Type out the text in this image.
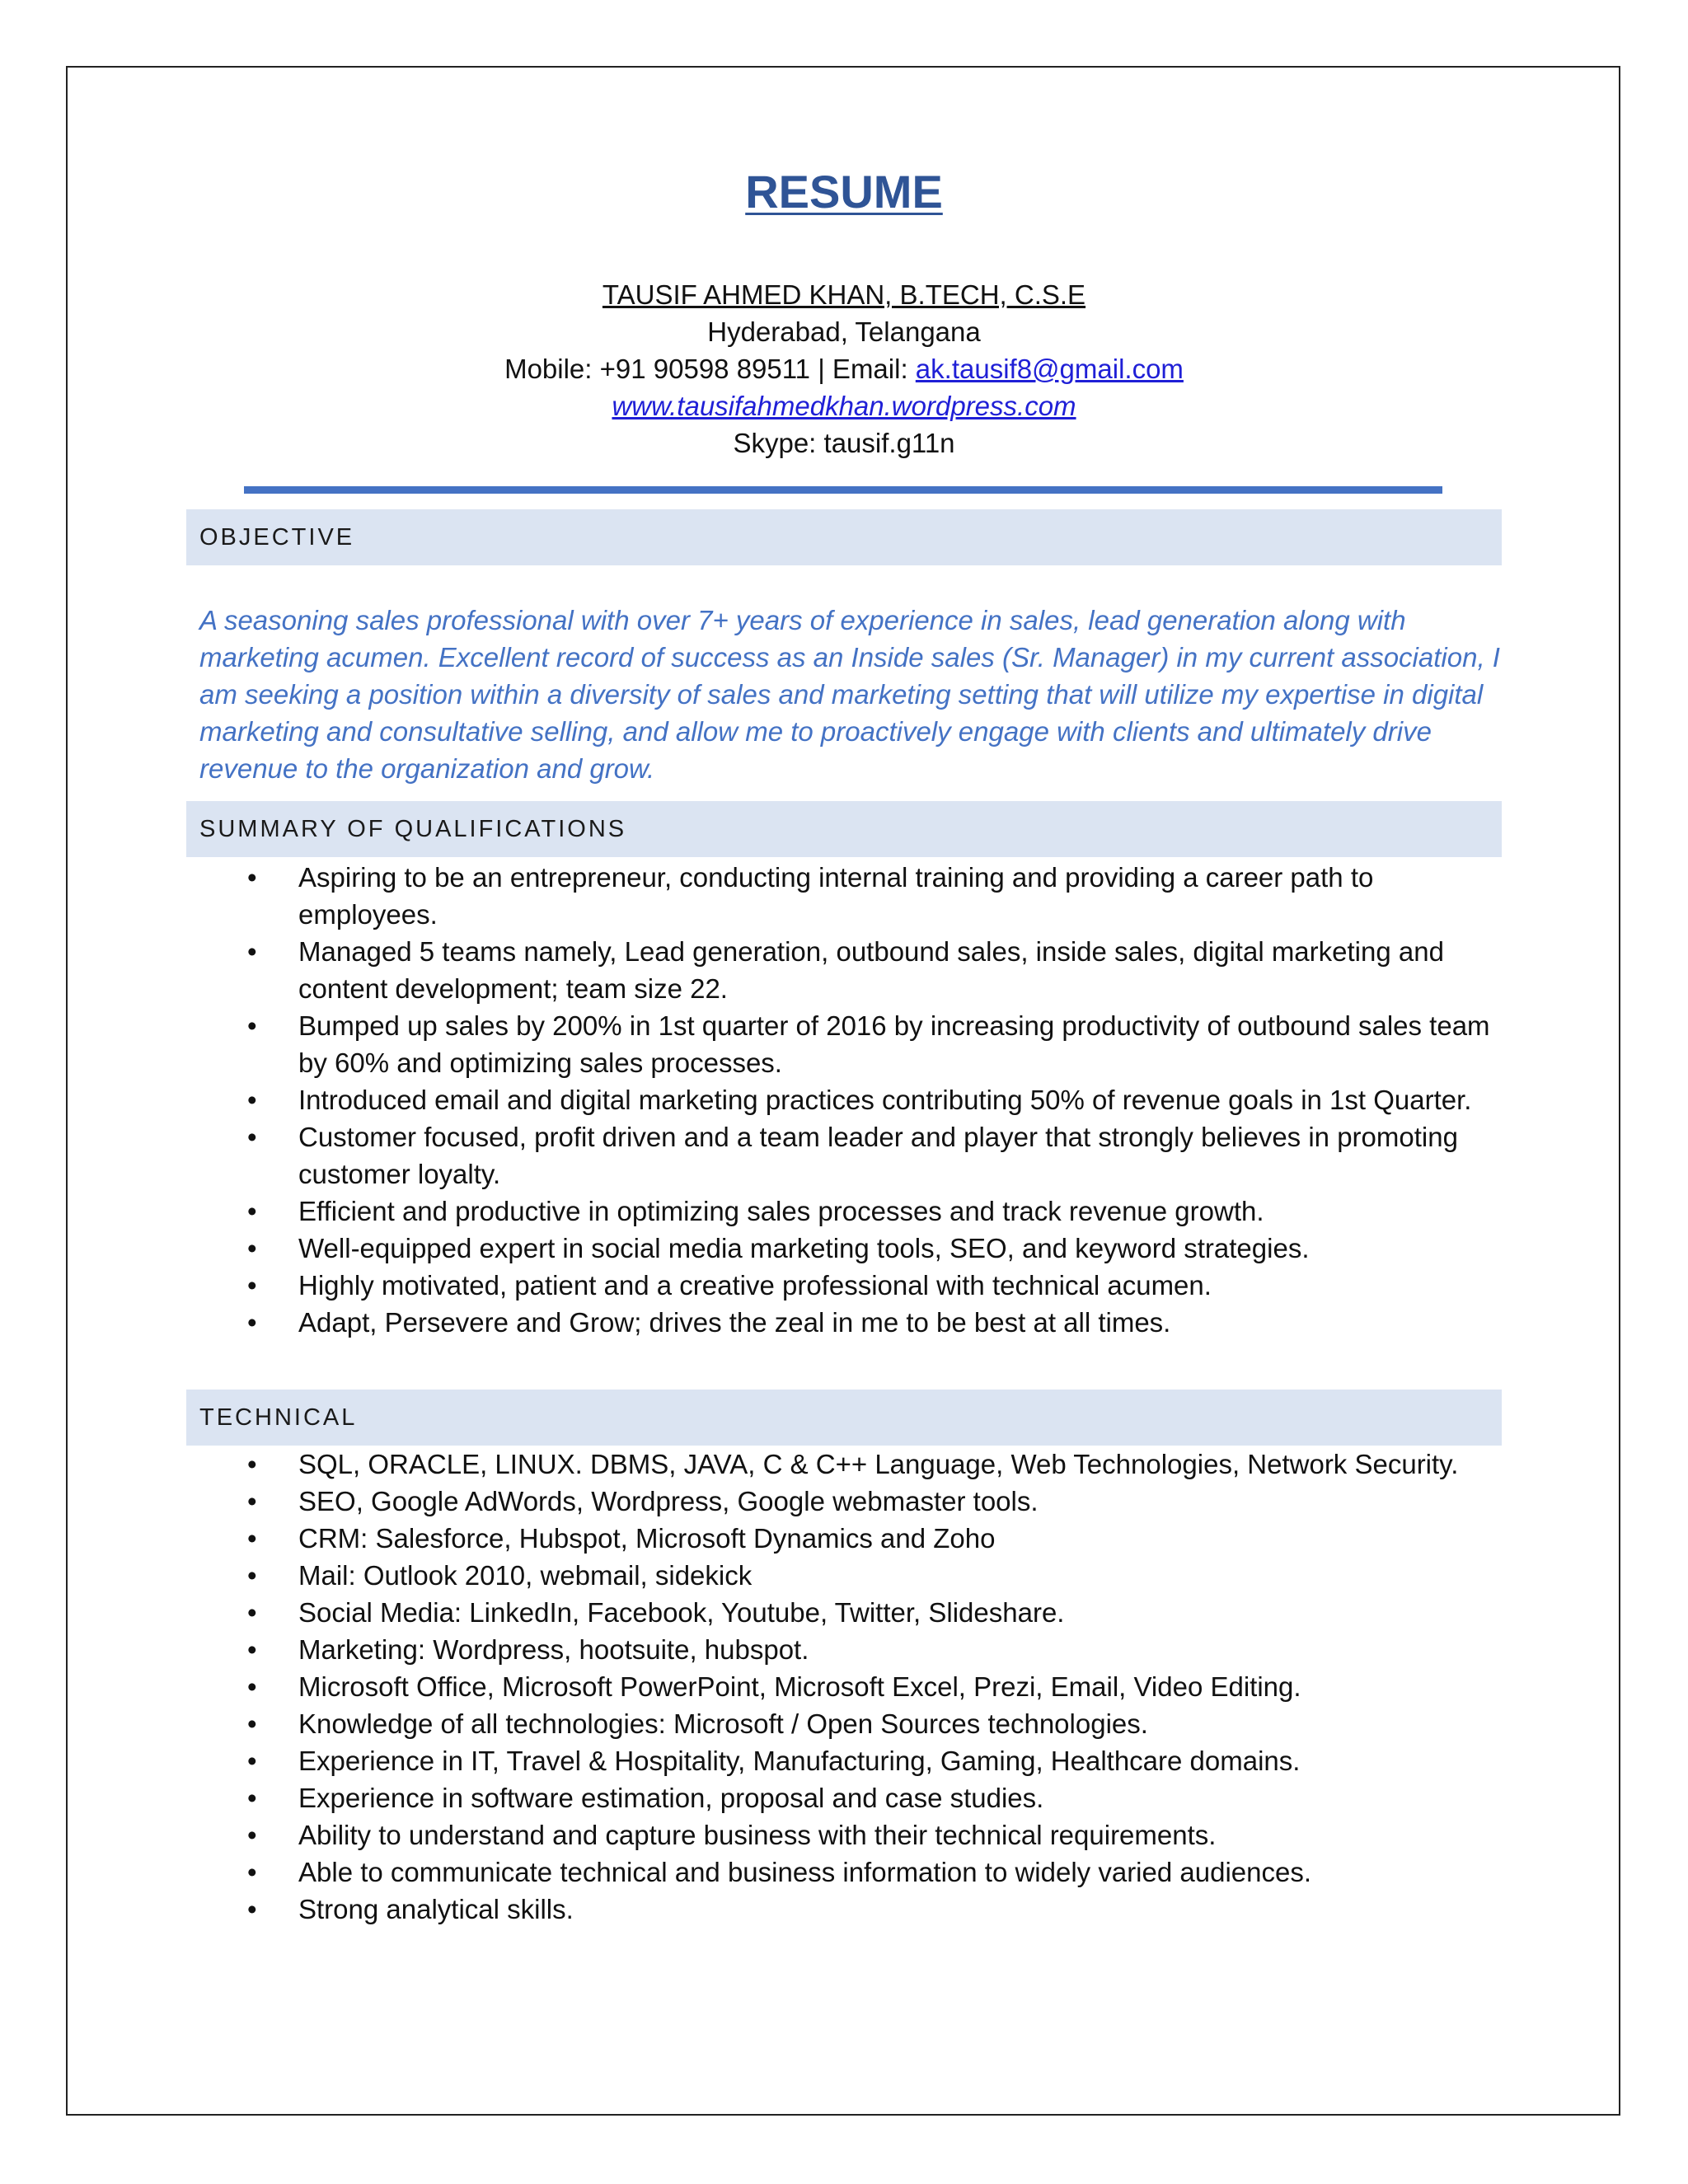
RESUME
TAUSIF AHMED KHAN, B.TECH, C.S.E
Hyderabad, Telangana
Mobile: +91 90598 89511 | Email: ak.tausif8@gmail.com
www.tausifahmedkhan.wordpress.com
Skype: tausif.g11n
OBJECTIVE

A seasoning sales professional with over 7+ years of experience in sales, lead generation along with marketing acumen. Excellent record of success as an Inside sales (Sr. Manager) in my current association, I am seeking a position within a diversity of sales and marketing setting that will utilize my expertise in digital marketing and consultative selling, and allow me to proactively engage with clients and ultimately drive revenue to the organization and grow.

SUMMARY OF QUALIFICATIONS
• Aspiring to be an entrepreneur, conducting internal training and providing a career path to employees.
• Managed 5 teams namely, Lead generation, outbound sales, inside sales, digital marketing and content development; team size 22.
• Bumped up sales by 200% in 1st quarter of 2016 by increasing productivity of outbound sales team by 60% and optimizing sales processes.
• Introduced email and digital marketing practices contributing 50% of revenue goals in 1st Quarter.
• Customer focused, profit driven and a team leader and player that strongly believes in promoting customer loyalty.
• Efficient and productive in optimizing sales processes and track revenue growth.
• Well-equipped expert in social media marketing tools, SEO, and keyword strategies.
• Highly motivated, patient and a creative professional with technical acumen.
• Adapt, Persevere and Grow; drives the zeal in me to be best at all times.
TECHNICAL
• SQL, ORACLE, LINUX. DBMS, JAVA, C & C++ Language, Web Technologies, Network Security.
• SEO, Google AdWords, Wordpress, Google webmaster tools.
• CRM: Salesforce, Hubspot, Microsoft Dynamics and Zoho
• Mail: Outlook 2010, webmail, sidekick
• Social Media: LinkedIn, Facebook, Youtube, Twitter, Slideshare.
• Marketing: Wordpress, hootsuite, hubspot.
• Microsoft Office, Microsoft PowerPoint, Microsoft Excel, Prezi, Email, Video Editing.
• Knowledge of all technologies: Microsoft / Open Sources technologies.
• Experience in IT, Travel & Hospitality, Manufacturing, Gaming, Healthcare domains.
• Experience in software estimation, proposal and case studies.
• Ability to understand and capture business with their technical requirements.
• Able to communicate technical and business information to widely varied audiences.
• Strong analytical skills.
